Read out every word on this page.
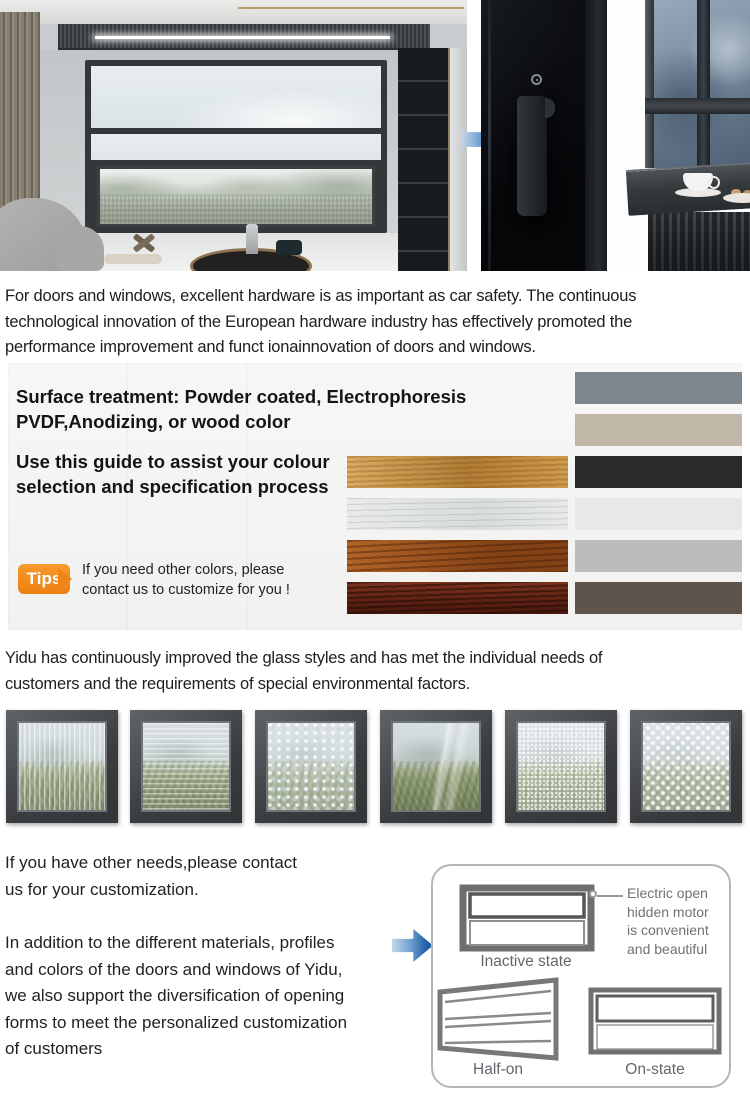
For doors and windows, excellent hardware is as important as car safety. The continuous
technological innovation of the European hardware industry has effectively promoted the
performance improvement and funct ionainnovation of doors and windows.
Surface treatment: Powder coated, Electrophoresis
PVDF,Anodizing, or wood color
Use this guide to assist your colour
selection and specification process
Tips	If you need other colors, please
contact us to customize for you !
Yidu has continuously improved the glass styles and has met the individual needs of
customers and the requirements of special environmental factors.
If you have other needs,please contact
us for your customization.
In addition to the different materials, profiles
and colors of the doors and windows of Yidu,
we also support the diversification of opening
forms to meet the personalized customization
of customers
Electric open
hidden motor
is convenient
and beautiful
Inactive state
Half-on	On-state
